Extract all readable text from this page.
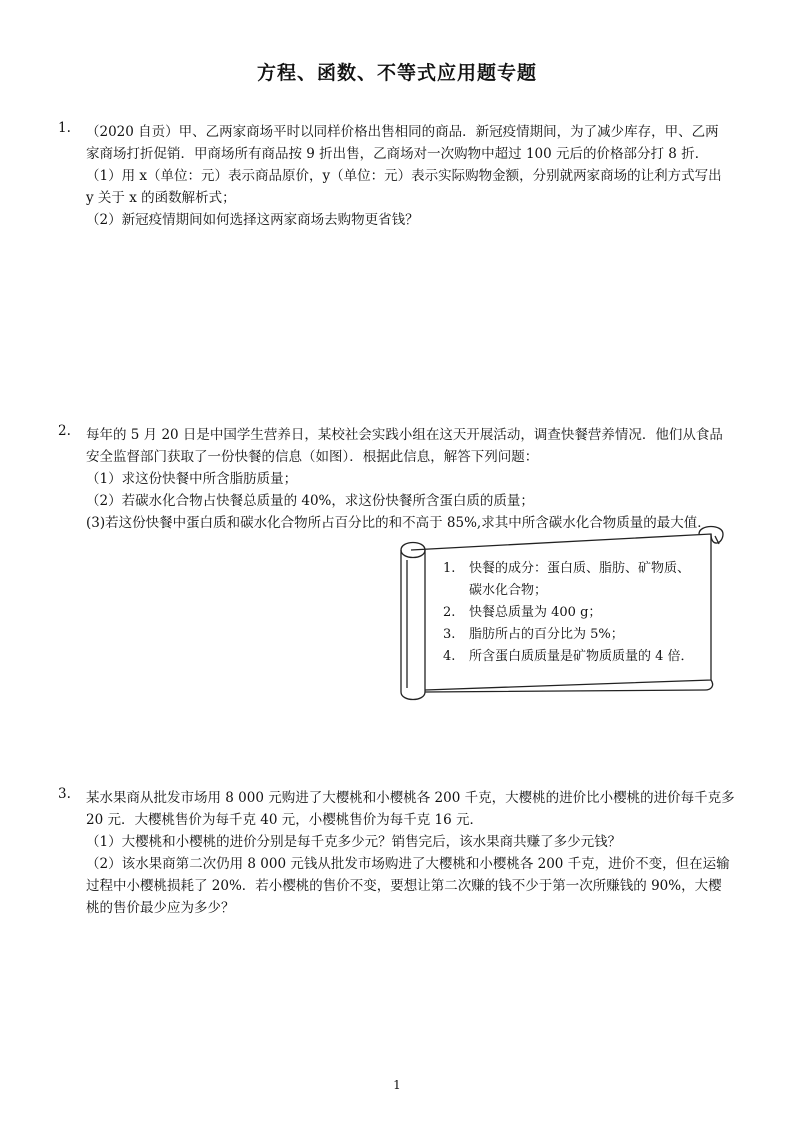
方程、函数、不等式应用题专题
1. （2020 自贡）甲、乙两家商场平时以同样价格出售相同的商品．新冠疫情期间，为了减少库存，甲、乙两
家商场打折促销．甲商场所有商品按 9 折出售，乙商场对一次购物中超过 100 元后的价格部分打 8 折．
（1）用 x（单位：元）表示商品原价，y（单位：元）表示实际购物金额，分别就两家商场的让利方式写出
y 关于 x 的函数解析式；
（2）新冠疫情期间如何选择这两家商场去购物更省钱？
2. 每年的 5 月 20 日是中国学生营养日，某校社会实践小组在这天开展活动，调查快餐营养情况．他们从食品
安全监督部门获取了一份快餐的信息（如图）．根据此信息，解答下列问题：
（1）求这份快餐中所含脂肪质量；
（2）若碳水化合物占快餐总质量的 40%，求这份快餐所含蛋白质的质量；
(3)若这份快餐中蛋白质和碳水化合物所占百分比的和不高于 85%,求其中所含碳水化合物质量的最大值．
1. 快餐的成分：蛋白质、脂肪、矿物质、
碳水化合物；
2. 快餐总质量为 400 g；
3. 脂肪所占的百分比为 5%；
4. 所含蛋白质质量是矿物质质量的 4 倍．
3. 某水果商从批发市场用 8 000 元购进了大樱桃和小樱桃各 200 千克，大樱桃的进价比小樱桃的进价每千克多
20 元．大樱桃售价为每千克 40 元，小樱桃售价为每千克 16 元．
（1）大樱桃和小樱桃的进价分别是每千克多少元？销售完后，该水果商共赚了多少元钱？
（2）该水果商第二次仍用 8 000 元钱从批发市场购进了大樱桃和小樱桃各 200 千克，进价不变，但在运输
过程中小樱桃损耗了 20%．若小樱桃的售价不变，要想让第二次赚的钱不少于第一次所赚钱的 90%，大樱
桃的售价最少应为多少？
1
